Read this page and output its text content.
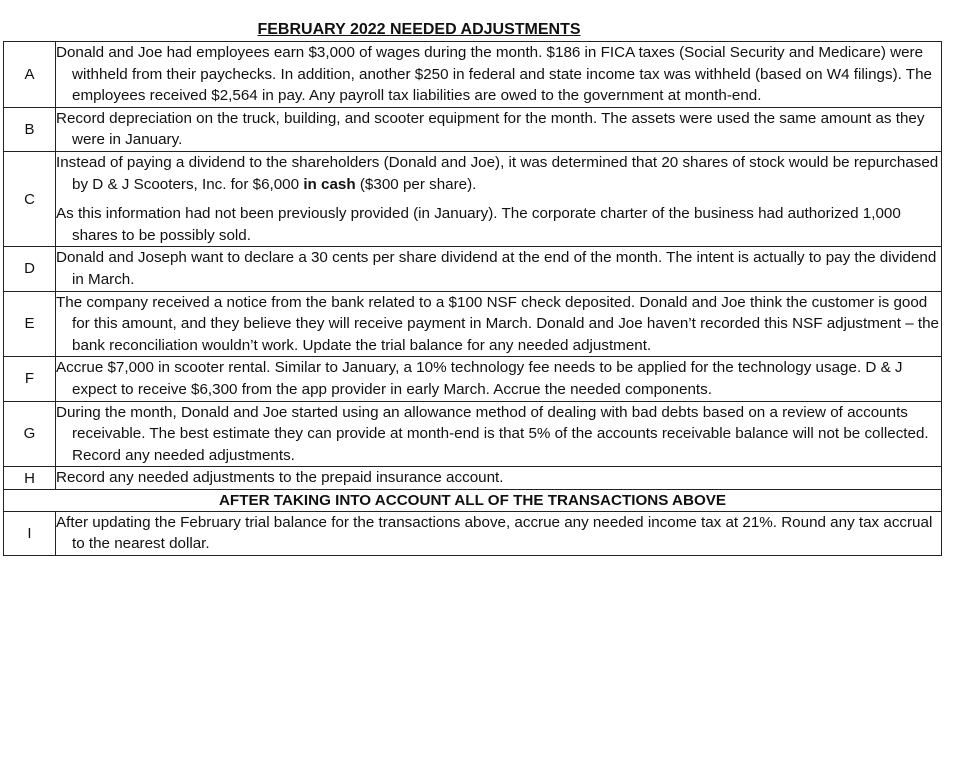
FEBRUARY 2022 NEEDED ADJUSTMENTS
A	Donald and Joe had employees earn $3,000 of wages during the month. $186 in FICA taxes (Social Security and Medicare) were withheld from their paychecks. In addition, another $250 in federal and state income tax was withheld (based on W4 filings). The employees received $2,564 in pay. Any payroll tax liabilities are owed to the government at month-end.

B	Record depreciation on the truck, building, and scooter equipment for the month. The assets were used the same amount as they were in January.

C	Instead of paying a dividend to the shareholders (Donald and Joe), it was determined that 20 shares of stock would be repurchased by D & J Scooters, Inc. for $6,000 in cash ($300 per share).

As this information had not been previously provided (in January). The corporate charter of the business had authorized 1,000 shares to be possibly sold.

D	Donald and Joseph want to declare a 30 cents per share dividend at the end of the month. The intent is actually to pay the dividend in March.

E	The company received a notice from the bank related to a $100 NSF check deposited. Donald and Joe think the customer is good for this amount, and they believe they will receive payment in March. Donald and Joe haven’t recorded this NSF adjustment – the bank reconciliation wouldn’t work. Update the trial balance for any needed adjustment.

F	Accrue $7,000 in scooter rental. Similar to January, a 10% technology fee needs to be applied for the technology usage. D & J expect to receive $6,300 from the app provider in early March. Accrue the needed components.

G	During the month, Donald and Joe started using an allowance method of dealing with bad debts based on a review of accounts receivable. The best estimate they can provide at month-end is that 5% of the accounts receivable balance will not be collected. Record any needed adjustments.

H	Record any needed adjustments to the prepaid insurance account.

AFTER TAKING INTO ACCOUNT ALL OF THE TRANSACTIONS ABOVE	
I	After updating the February trial balance for the transactions above, accrue any needed income tax at 21%. Round any tax accrual to the nearest dollar.
